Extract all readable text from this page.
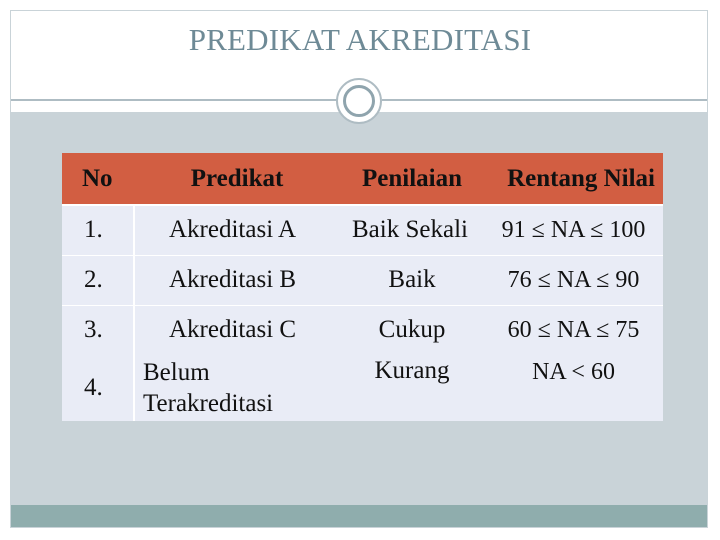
PREDIKAT AKREDITASI
No	Predikat	Penilaian	Rentang Nilai
1.	Akreditasi A	Baik Sekali	91 ≤ NA ≤ 100
2.	Akreditasi B	Baik	76 ≤ NA ≤ 90
3.	Akreditasi C	Cukup	60 ≤ NA ≤ 75
4.	Belum Terakreditasi	Kurang	NA < 60
